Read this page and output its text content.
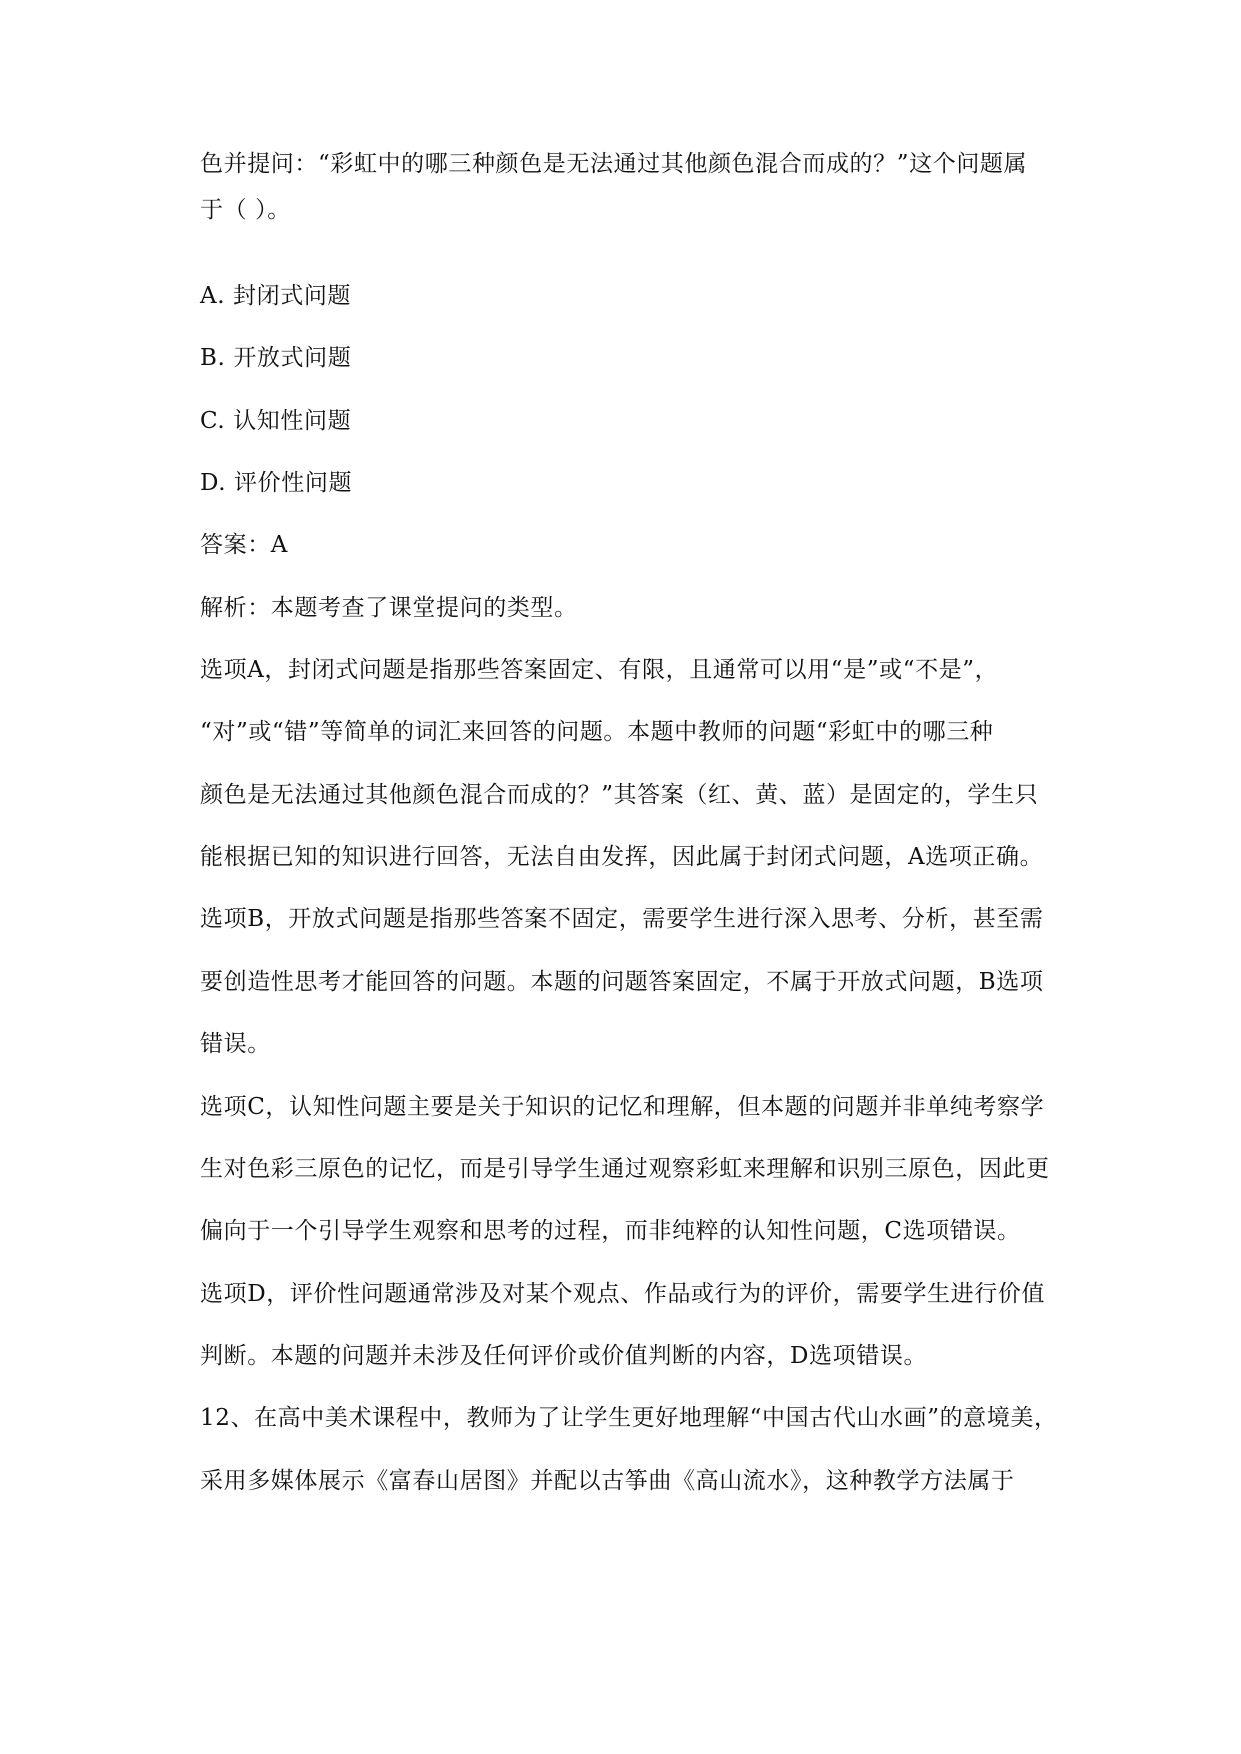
色并提问：“彩虹中的哪三种颜色是无法通过其他颜色混合而成的？”这个问题属
于（ ）。
A. 封闭式问题
B. 开放式问题
C. 认知性问题
D. 评价性问题
答案：A
解析：本题考查了课堂提问的类型。
选项A，封闭式问题是指那些答案固定、有限，且通常可以用“是”或“不是”，
“对”或“错”等简单的词汇来回答的问题。本题中教师的问题“彩虹中的哪三种
颜色是无法通过其他颜色混合而成的？”其答案（红、黄、蓝）是固定的，学生只
能根据已知的知识进行回答，无法自由发挥，因此属于封闭式问题，A选项正确。
选项B，开放式问题是指那些答案不固定，需要学生进行深入思考、分析，甚至需
要创造性思考才能回答的问题。本题的问题答案固定，不属于开放式问题，B选项
错误。
选项C，认知性问题主要是关于知识的记忆和理解，但本题的问题并非单纯考察学
生对色彩三原色的记忆，而是引导学生通过观察彩虹来理解和识别三原色，因此更
偏向于一个引导学生观察和思考的过程，而非纯粹的认知性问题，C选项错误。
选项D，评价性问题通常涉及对某个观点、作品或行为的评价，需要学生进行价值
判断。本题的问题并未涉及任何评价或价值判断的内容，D选项错误。
12、在高中美术课程中，教师为了让学生更好地理解“中国古代山水画”的意境美，
采用多媒体展示《富春山居图》并配以古筝曲《高山流水》，这种教学方法属于
